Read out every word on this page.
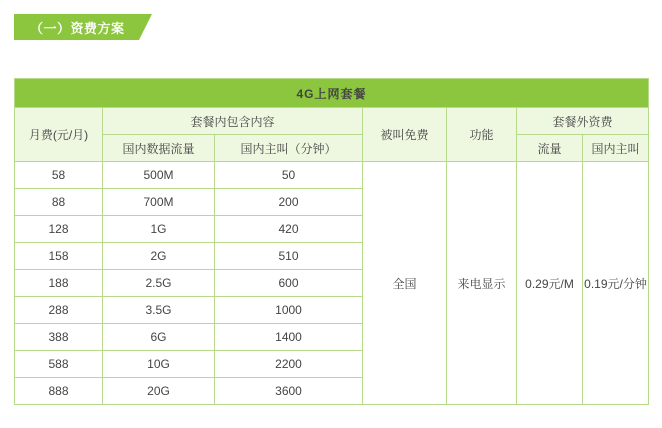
（一）资费方案
4G上网套餐						
月费(元/月)	套餐内包含内容		被叫免费	功能	套餐外资费	
	国内数据流量	国内主叫（分钟）			流量	国内主叫
58	500M	50	全国	来电显示	0.29元/M	0.19元/分钟
88	700M	200				
128	1G	420				
158	2G	510				
188	2.5G	600				
288	3.5G	1000				
388	6G	1400				
588	10G	2200				
888	20G	3600				
